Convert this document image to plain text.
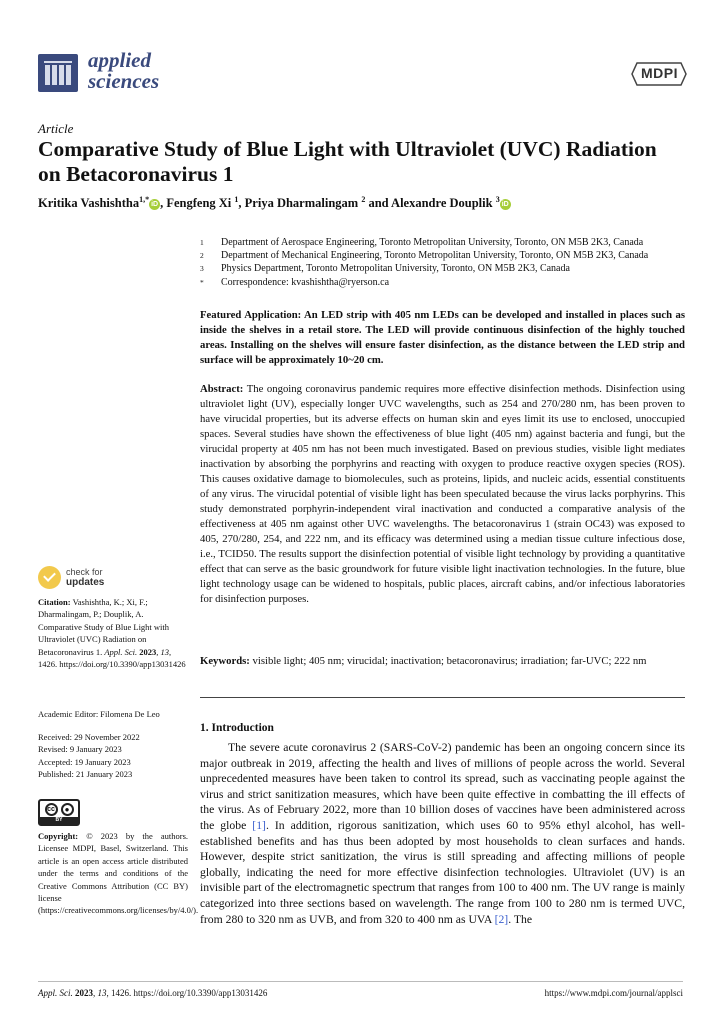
applied
sciences	MDPI
Article
Comparative Study of Blue Light with Ultraviolet (UVC) Radiation on Betacoronavirus 1
Kritika Vashishtha$^{1,*}$iD , Fengfeng Xi $^1$, Priya Dharmalingam $^2$ and Alexandre Douplik $^3$iD
1	Department of Aerospace Engineering, Toronto Metropolitan University, Toronto, ON M5B 2K3, Canada
2	Department of Mechanical Engineering, Toronto Metropolitan University, Toronto, ON M5B 2K3, Canada
3	Physics Department, Toronto Metropolitan University, Toronto, ON M5B 2K3, Canada
*	Correspondence: kvashishtha@ryerson.ca
Featured Application: An LED strip with 405 nm LEDs can be developed and installed in places such as inside the shelves in a retail store. The LED will provide continuous disinfection of the highly touched areas. Installing on the shelves will ensure faster disinfection, as the distance between the LED strip and surface will be approximately 10~20 cm.
Abstract: The ongoing coronavirus pandemic requires more effective disinfection methods. Disinfection using ultraviolet light (UV), especially longer UVC wavelengths, such as 254 and 270/280 nm, has been proven to have virucidal properties, but its adverse effects on human skin and eyes limit its use to enclosed, unoccupied spaces. Several studies have shown the effectiveness of blue light (405 nm) against bacteria and fungi, but the virucidal property at 405 nm has not been much investigated. Based on previous studies, visible light mediates inactivation by absorbing the porphyrins and reacting with oxygen to produce reactive oxygen species (ROS). This causes oxidative damage to biomolecules, such as proteins, lipids, and nucleic acids, essential constituents of any virus. The virucidal potential of visible light has been speculated because the virus lacks porphyrins. This study demonstrated porphyrin-independent viral inactivation and conducted a comparative analysis of the effectiveness at 405 nm against other UVC wavelengths. The betacoronavirus 1 (strain OC43) was exposed to 405, 270/280, 254, and 222 nm, and its efficacy was determined using a median tissue culture infectious dose, i.e., TCID50. The results support the disinfection potential of visible light technology by providing a quantitative effect that can serve as the basic groundwork for future visible light inactivation technologies. In the future, blue light technology usage can be widened to hospitals, public places, aircraft cabins, and/or infectious laboratories for disinfection purposes.
Keywords: visible light; 405 nm; virucidal; inactivation; betacoronavirus; irradiation; far-UVC; 222 nm
1. Introduction
The severe acute coronavirus 2 (SARS-CoV-2) pandemic has been an ongoing concern since its major outbreak in 2019, affecting the health and lives of millions of people across the world. Several unprecedented measures have been taken to control its spread, such as vaccinating people against the virus and strict sanitization measures, which have been quite effective in combatting the ill effects of the virus. As of February 2022, more than 10 billion doses of vaccines have been administered across the globe [1]. In addition, rigorous sanitization, which uses 60 to 95% ethyl alcohol, has well-established benefits and has thus been adopted by most households to clean surfaces and hands. However, despite strict sanitization, the virus is still spreading and affecting millions of people globally, indicating the need for more effective disinfection technologies. Ultraviolet (UV) is an invisible part of the electromagnetic spectrum that ranges from 100 to 400 nm. The UV range is mainly categorized into three sections based on wavelength. The range from 100 to 280 nm is termed UVC, from 280 to 320 nm as UVB, and from 320 to 400 nm as UVA [2]. The
check for
updates
Citation: Vashishtha, K.; Xi, F.; Dharmalingam, P.; Douplik, A. Comparative Study of Blue Light with Ultraviolet (UVC) Radiation on Betacoronavirus 1. Appl. Sci. 2023, 13, 1426. https://doi.org/10.3390/app13031426
Academic Editor: Filomena De Leo
Received: 29 November 2022
Revised: 9 January 2023
Accepted: 19 January 2023
Published: 21 January 2023
cc	●
BY
Copyright: © 2023 by the authors. Licensee MDPI, Basel, Switzerland. This article is an open access article distributed under the terms and conditions of the Creative Commons Attribution (CC BY) license (https://creativecommons.org/licenses/by/4.0/).
Appl. Sci. 2023, 13, 1426. https://doi.org/10.3390/app13031426	https://www.mdpi.com/journal/applsci
